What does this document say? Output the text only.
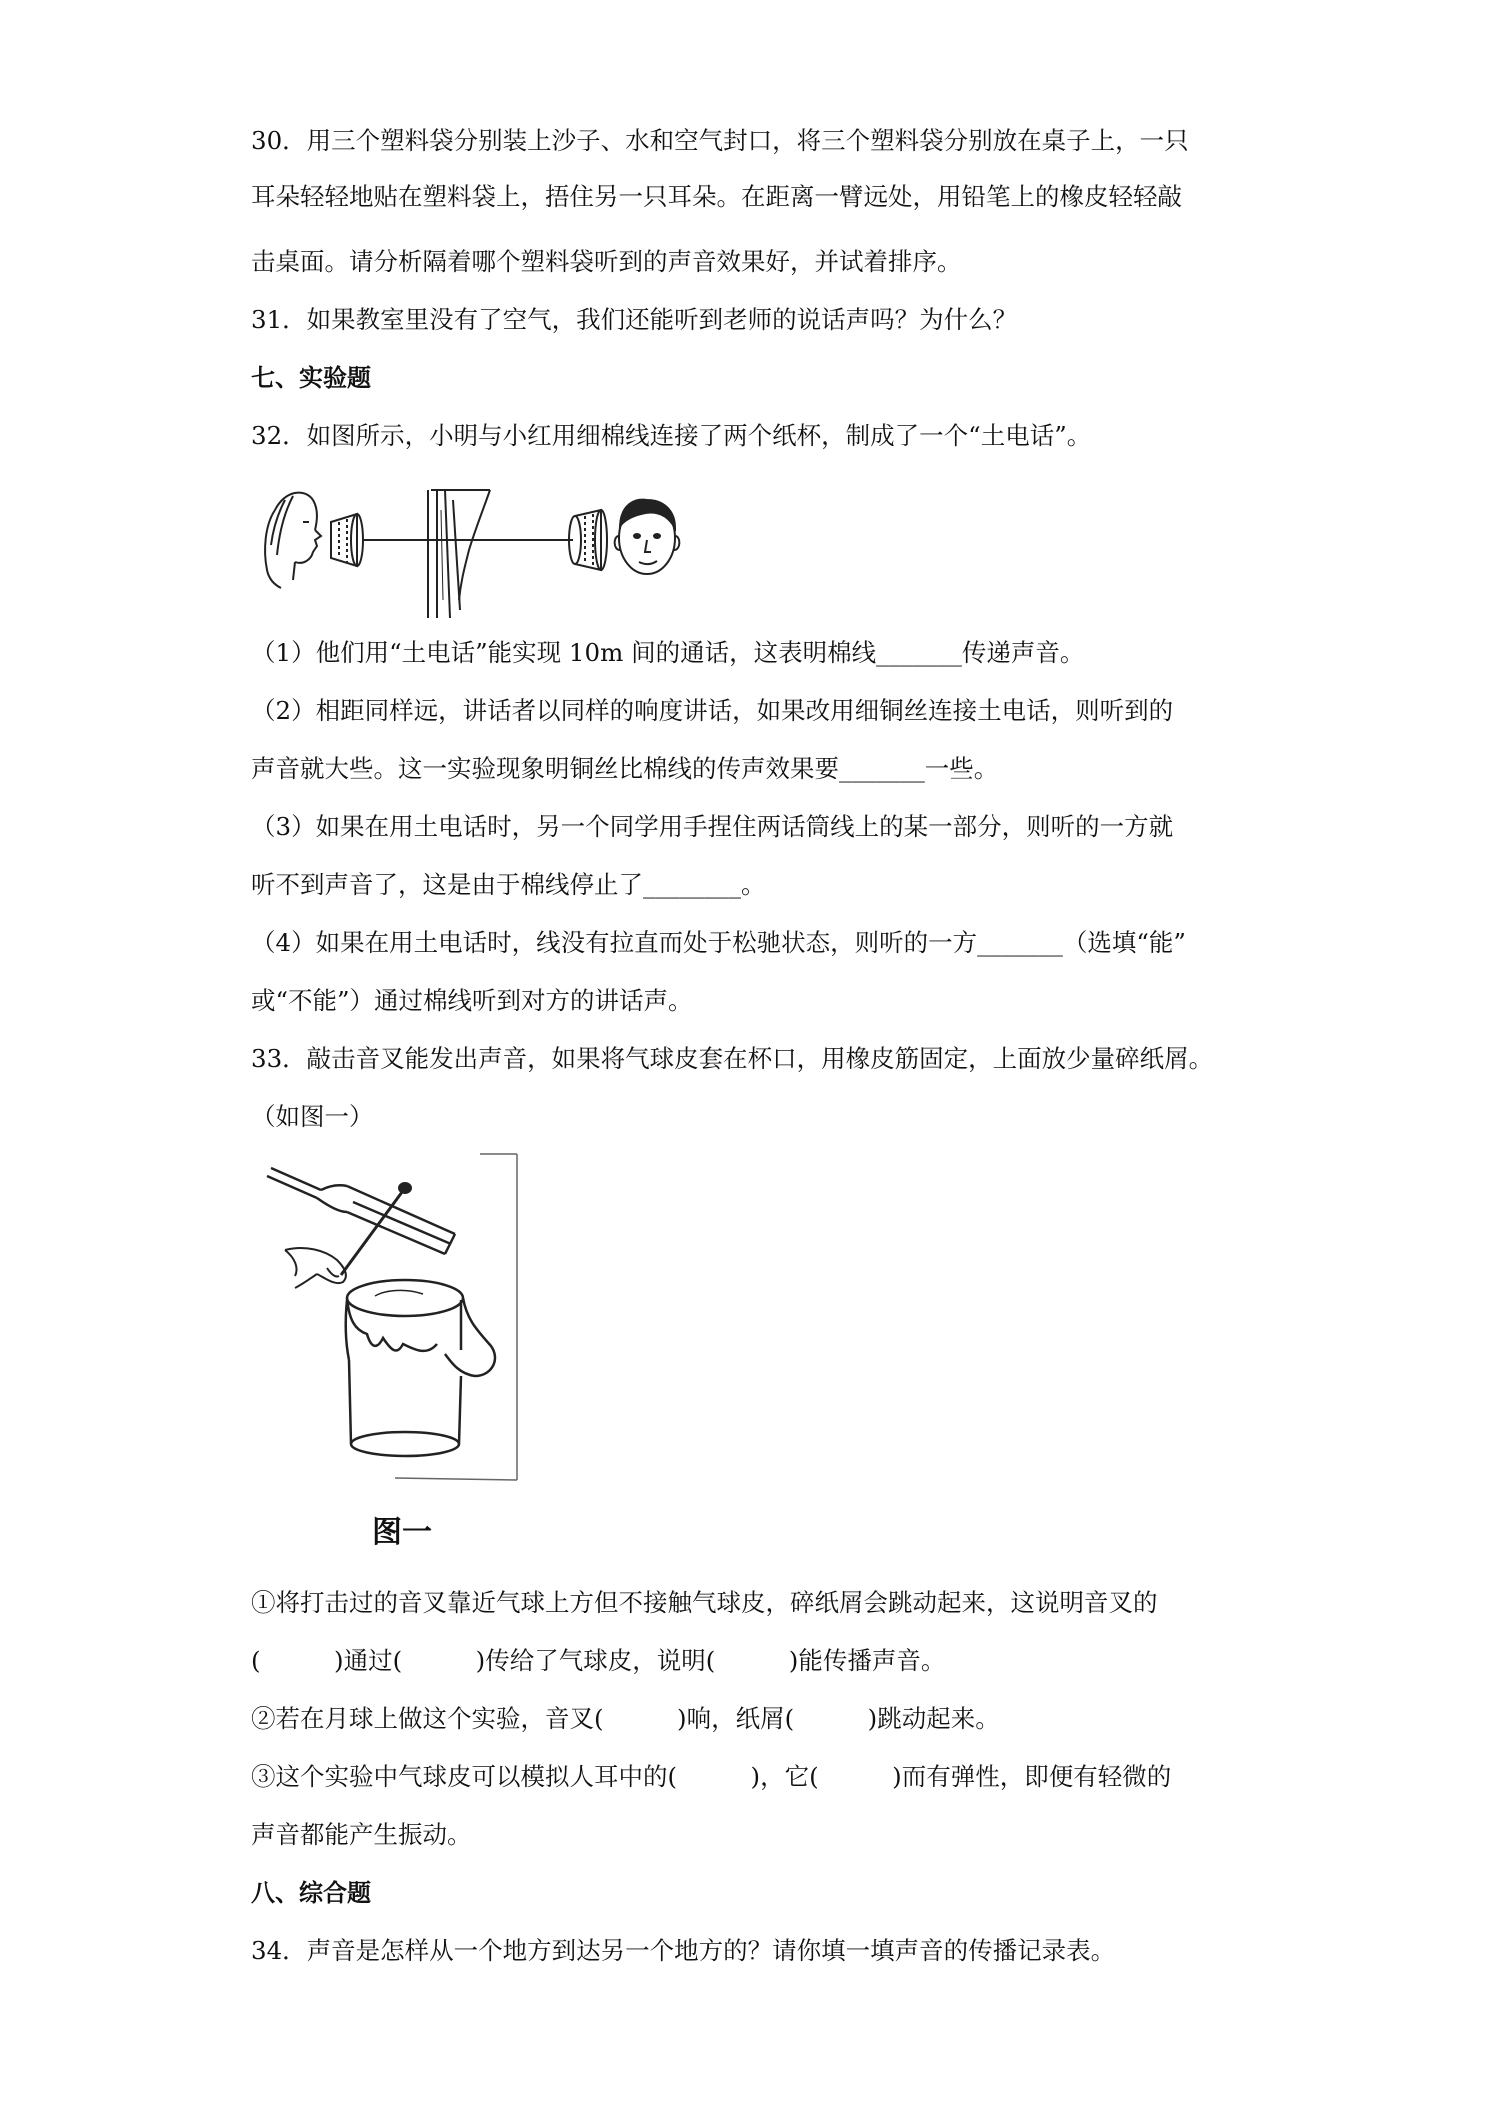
30．用三个塑料袋分别装上沙子、水和空气封口，将三个塑料袋分别放在桌子上，一只
耳朵轻轻地贴在塑料袋上，捂住另一只耳朵。在距离一臂远处，用铅笔上的橡皮轻轻敲
击桌面。请分析隔着哪个塑料袋听到的声音效果好，并试着排序。
31．如果教室里没有了空气，我们还能听到老师的说话声吗？为什么？
七、实验题
32．如图所示，小明与小红用细棉线连接了两个纸杯，制成了一个“土电话”。
（1）他们用“土电话”能实现 10m 间的通话，这表明棉线_______传递声音。
（2）相距同样远，讲话者以同样的响度讲话，如果改用细铜丝连接土电话，则听到的
声音就大些。这一实验现象明铜丝比棉线的传声效果要_______一些。
（3）如果在用土电话时，另一个同学用手捏住两话筒线上的某一部分，则听的一方就
听不到声音了，这是由于棉线停止了________。
（4）如果在用土电话时，线没有拉直而处于松驰状态，则听的一方_______（选填“能”
或“不能”）通过棉线听到对方的讲话声。
33．敲击音叉能发出声音，如果将气球皮套在杯口，用橡皮筋固定，上面放少量碎纸屑。
（如图一）
图一
①将打击过的音叉靠近气球上方但不接触气球皮，碎纸屑会跳动起来，这说明音叉的
(　　　)通过(　　　)传给了气球皮，说明(　　　)能传播声音。
②若在月球上做这个实验，音叉(　　　)响，纸屑(　　　)跳动起来。
③这个实验中气球皮可以模拟人耳中的(　　　)，它(　　　)而有弹性，即便有轻微的
声音都能产生振动。
八、综合题
34．声音是怎样从一个地方到达另一个地方的？请你填一填声音的传播记录表。
